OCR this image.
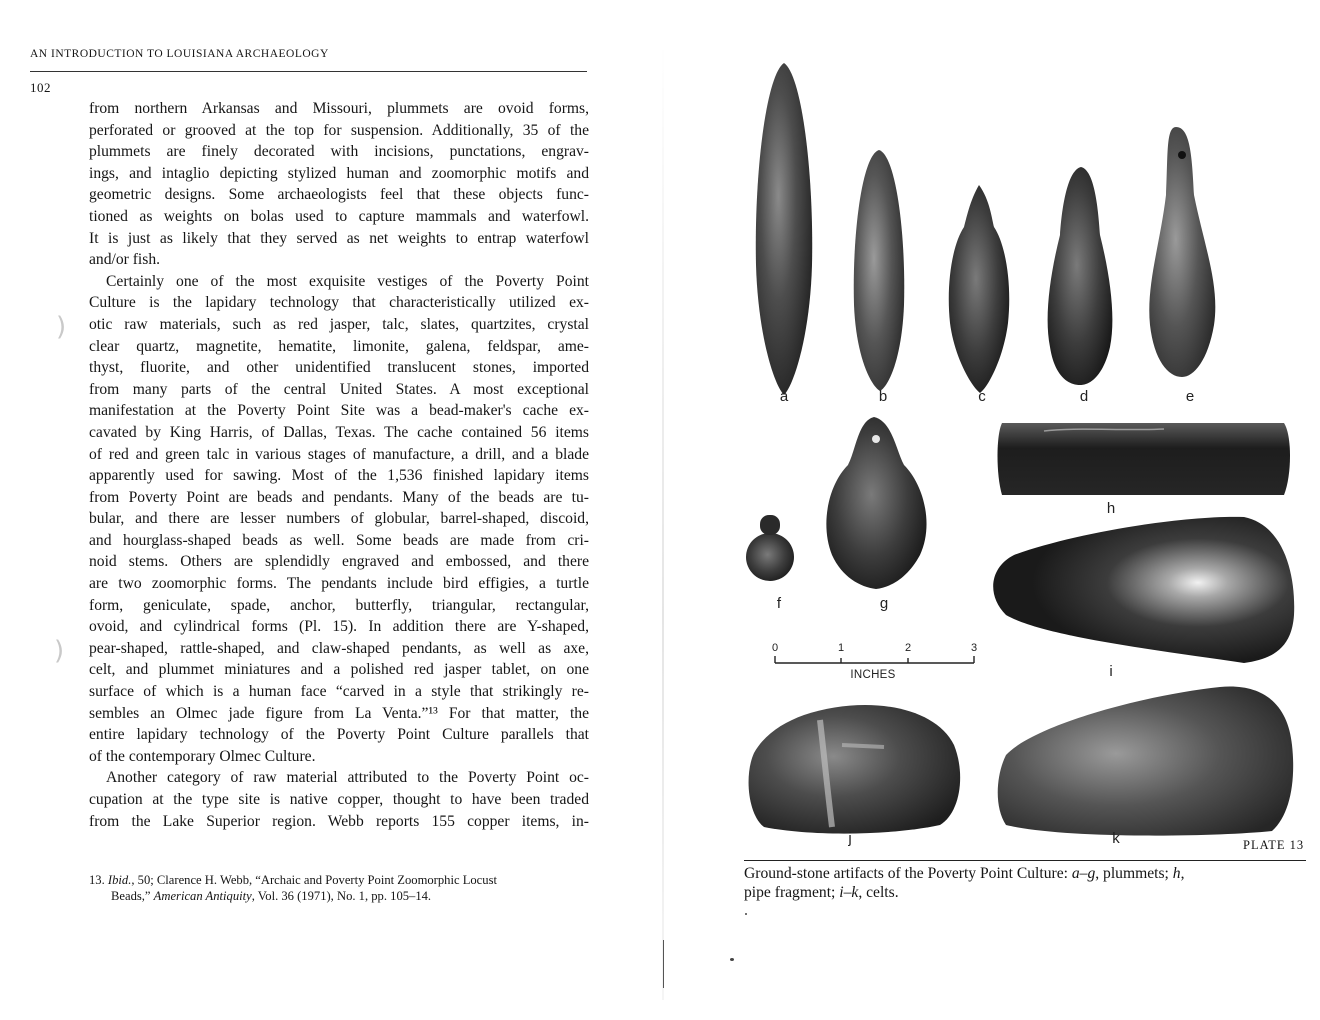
AN INTRODUCTION TO LOUISIANA ARCHAEOLOGY
102
from northern Arkansas and Missouri, plummets are ovoid forms,
perforated or grooved at the top for suspension. Additionally, 35 of the
plummets are finely decorated with incisions, punctations, engrav-
ings, and intaglio depicting stylized human and zoomorphic motifs and
geometric designs. Some archaeologists feel that these objects func-
tioned as weights on bolas used to capture mammals and waterfowl.
It is just as likely that they served as net weights to entrap waterfowl
and/or fish.
Certainly one of the most exquisite vestiges of the Poverty Point
Culture is the lapidary technology that characteristically utilized ex-
otic raw materials, such as red jasper, talc, slates, quartzites, crystal
clear quartz, magnetite, hematite, limonite, galena, feldspar, ame-
thyst, fluorite, and other unidentified translucent stones, imported
from many parts of the central United States. A most exceptional
manifestation at the Poverty Point Site was a bead-maker's cache ex-
cavated by King Harris, of Dallas, Texas. The cache contained 56 items
of red and green talc in various stages of manufacture, a drill, and a blade
apparently used for sawing. Most of the 1,536 finished lapidary items
from Poverty Point are beads and pendants. Many of the beads are tu-
bular, and there are lesser numbers of globular, barrel-shaped, discoid,
and hourglass-shaped beads as well. Some beads are made from cri-
noid stems. Others are splendidly engraved and embossed, and there
are two zoomorphic forms. The pendants include bird effigies, a turtle
form, geniculate, spade, anchor, butterfly, triangular, rectangular,
ovoid, and cylindrical forms (Pl. 15). In addition there are Y-shaped,
pear-shaped, rattle-shaped, and claw-shaped pendants, as well as axe,
celt, and plummet miniatures and a polished red jasper tablet, on one
surface of which is a human face “carved in a style that strikingly re-
sembles an Olmec jade figure from La Venta.”¹³ For that matter, the
entire lapidary technology of the Poverty Point Culture parallels that
of the contemporary Olmec Culture.
Another category of raw material attributed to the Poverty Point oc-
cupation at the type site is native copper, thought to have been traded
from the Lake Superior region. Webb reports 155 copper items, in-
13. Ibid., 50; Clarence H. Webb, “Archaic and Poverty Point Zoomorphic Locust
Beads,” American Antiquity, Vol. 36 (1971), No. 1, pp. 105–14.
)
)
a	b	c	d	e
h
f	g
i
j	k	PLATE 13
Ground-stone artifacts of the Poverty Point Culture: a–g, plummets; h,
pipe fragment; i–k, celts.
0	1	2	3
INCHES
